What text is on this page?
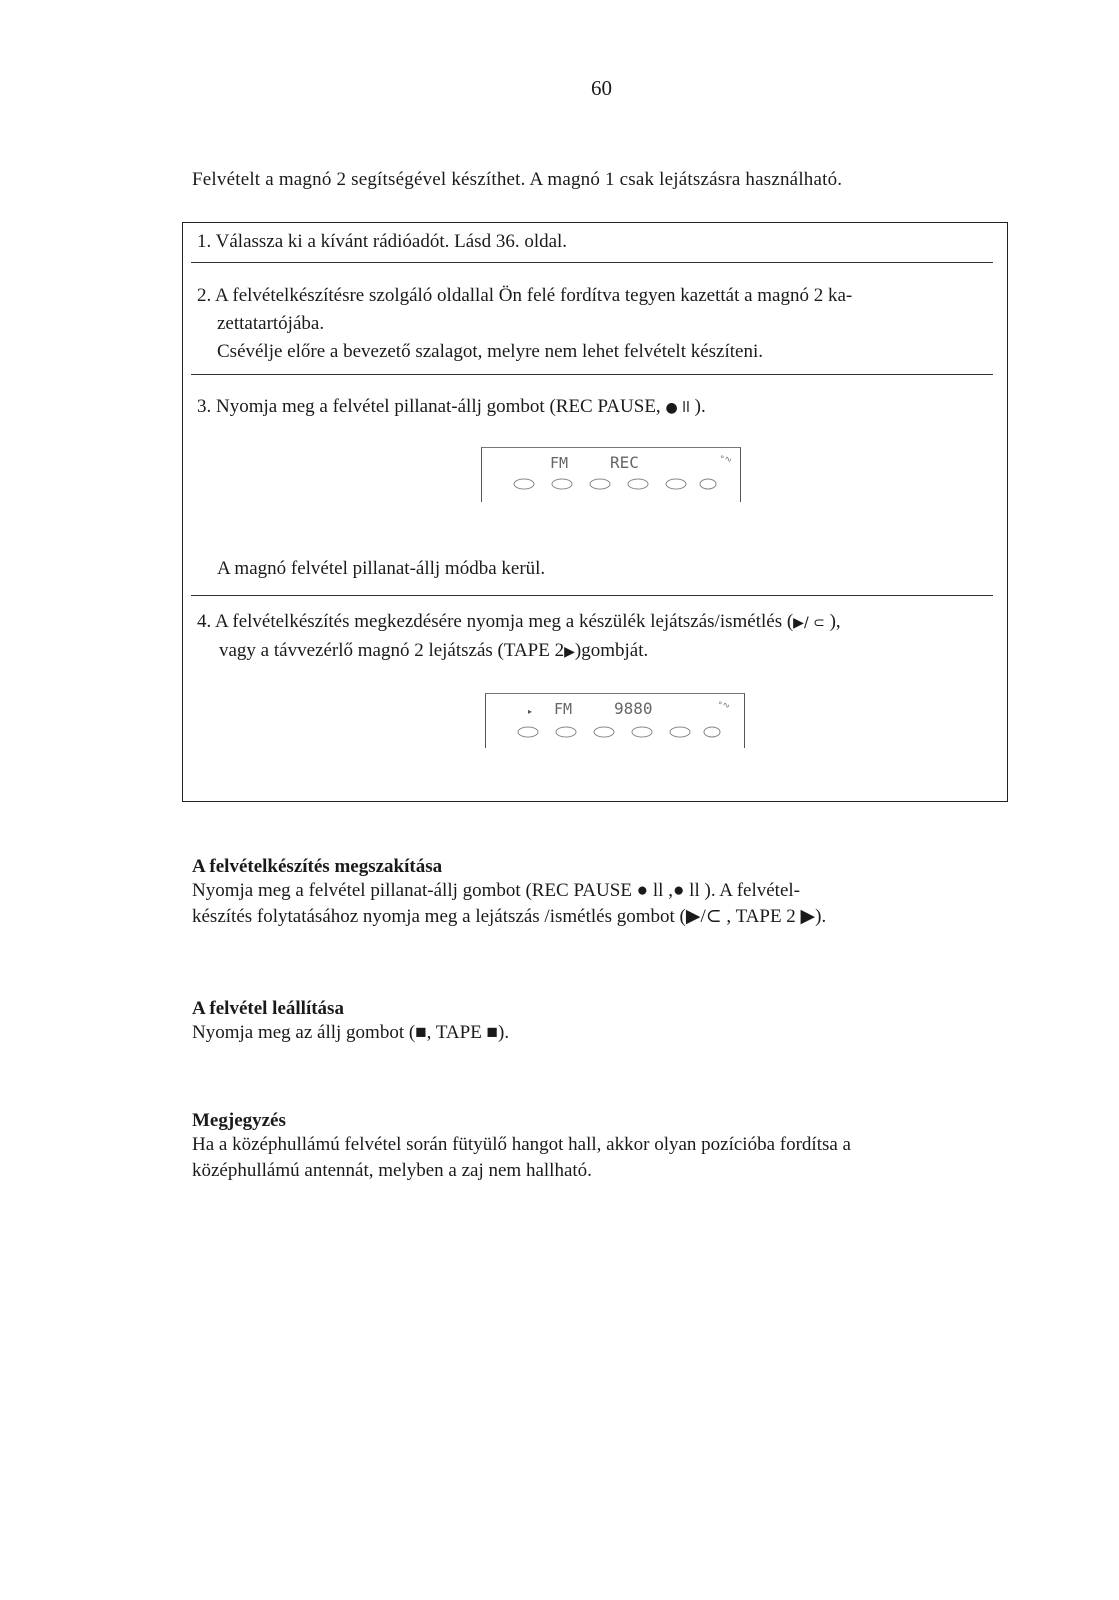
60
Felvételt a magnó 2 segítségével készíthet. A magnó 1 csak lejátszásra használható.
1. Válassza ki a kívánt rádióadót. Lásd 36. oldal.
2. A felvételkészítésre szolgáló oldallal Ön felé fordítva tegyen kazettát a magnó 2 ka-
zettatartójába.
Csévélje előre a bevezető szalagot, melyre nem lehet felvételt készíteni.
3. Nyomja meg a felvétel pillanat-állj gombot (REC PAUSE, ● ll ).
FM	REC	°∿
A magnó felvétel pillanat-állj módba kerül.
4. A felvételkészítés megkezdésére nyomja meg a készülék lejátszás/ismétlés (▶/ ⊂ ),
vagy a távvezérlő magnó 2 lejátszás (TAPE 2▶)gombját.
▸ FM	9880	°∿
A felvételkészítés megszakítása
Nyomja meg a felvétel pillanat-állj gombot (REC PAUSE ● ll ,● ll ). A felvétel-
készítés folytatásához nyomja meg a lejátszás /ismétlés gombot (▶/⊂ , TAPE 2 ▶).
A felvétel leállítása
Nyomja meg az állj gombot (■, TAPE ■).
Megjegyzés
Ha a középhullámú felvétel során fütyülő hangot hall, akkor olyan pozícióba fordítsa a
középhullámú antennát, melyben a zaj nem hallható.
